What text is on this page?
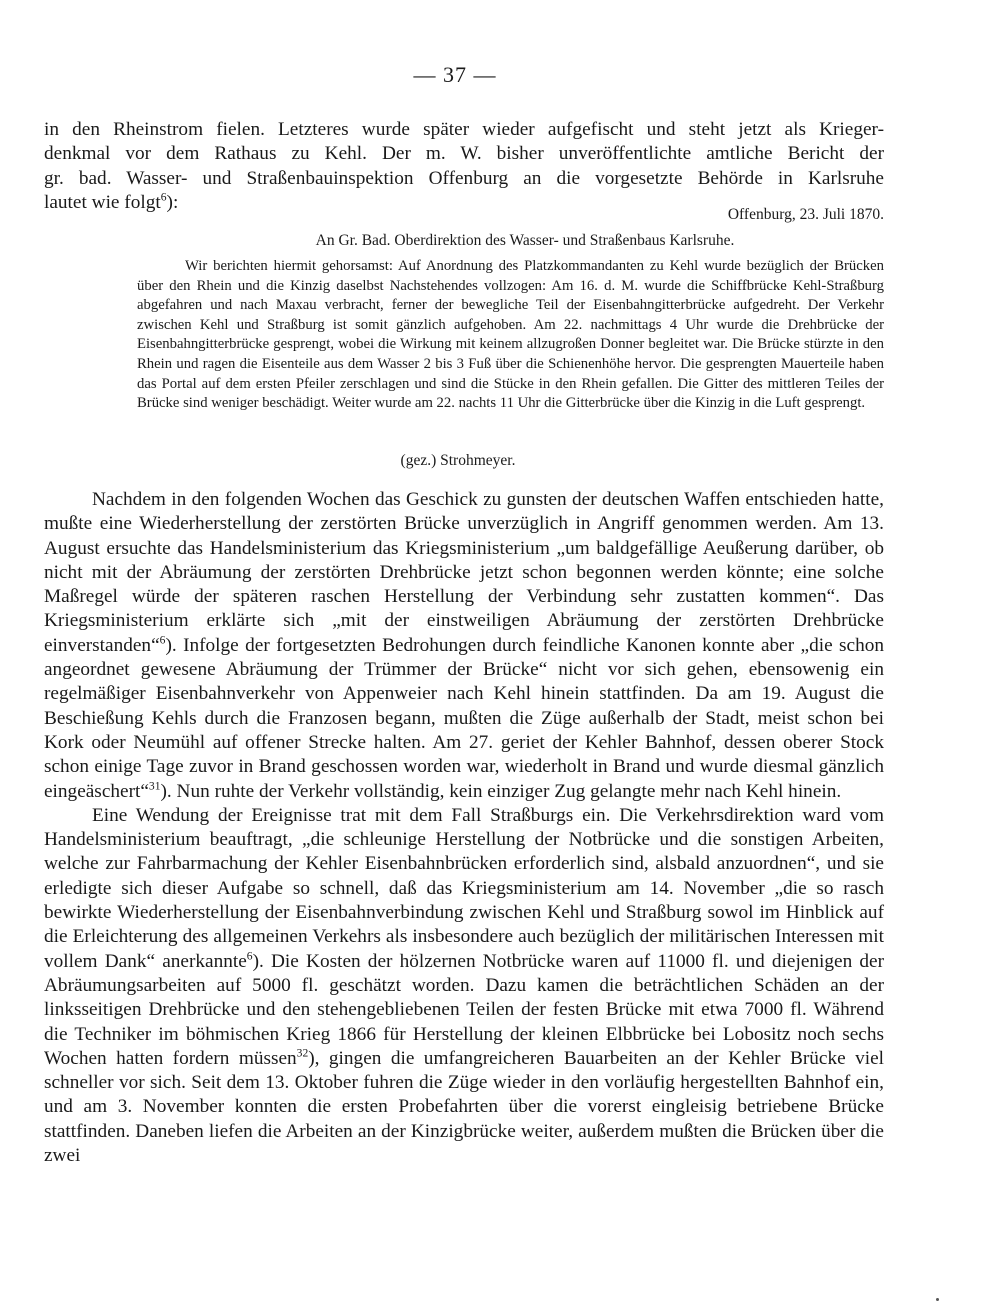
— 37 —
in den Rheinstrom fielen. Letzteres wurde später wieder aufgefischt und steht jetzt als Krieger-
denkmal vor dem Rathaus zu Kehl. Der m. W. bisher unveröffentlichte amtliche Bericht der
gr. bad. Wasser- und Straßenbauinspektion Offenburg an die vorgesetzte Behörde in Karlsruhe
lautet wie folgt$^6$):
Offenburg, 23. Juli 1870.
An Gr. Bad. Oberdirektion des Wasser- und Straßenbaus Karlsruhe.
Wir berichten hiermit gehorsamst: Auf Anordnung des Platzkommandanten zu Kehl wurde bezüglich der Brücken über den Rhein und die Kinzig daselbst Nachstehendes vollzogen: Am 16. d. M. wurde die Schiffbrücke Kehl-Straßburg abgefahren und nach Maxau verbracht, ferner der bewegliche Teil der Eisenbahngitterbrücke aufgedreht. Der Verkehr zwischen Kehl und Straßburg ist somit gänzlich aufgehoben. Am 22. nachmittags 4 Uhr wurde die Drehbrücke der Eisenbahngitterbrücke gesprengt, wobei die Wirkung mit keinem allzugroßen Donner begleitet war. Die Brücke stürzte in den Rhein und ragen die Eisenteile aus dem Wasser 2 bis 3 Fuß über die Schienenhöhe hervor. Die gesprengten Mauerteile haben das Portal auf dem ersten Pfeiler zerschlagen und sind die Stücke in den Rhein gefallen. Die Gitter des mittleren Teiles der Brücke sind weniger beschädigt. Weiter wurde am 22. nachts 11 Uhr die Gitterbrücke über die Kinzig in die Luft gesprengt.
(gez.) Strohmeyer.

Nachdem in den folgenden Wochen das Geschick zu gunsten der deutschen Waffen entschieden hatte, mußte eine Wiederherstellung der zerstörten Brücke unverzüglich in Angriff genommen werden. Am 13. August ersuchte das Handelsministerium das Kriegsministerium „um baldgefällige Aeußerung darüber, ob nicht mit der Abräumung der zerstörten Drehbrücke jetzt schon begonnen werden könnte; eine solche Maßregel würde der späteren raschen Herstellung der Verbindung sehr zustatten kommen“. Das Kriegsministerium erklärte sich „mit der einstweiligen Abräumung der zerstörten Drehbrücke einverstanden“$^6$). Infolge der fortgesetzten Bedrohungen durch feindliche Kanonen konnte aber „die schon angeordnet gewesene Abräumung der Trümmer der Brücke“ nicht vor sich gehen, ebensowenig ein regelmäßiger Eisenbahnverkehr von Appenweier nach Kehl hinein stattfinden. Da am 19. August die Beschießung Kehls durch die Franzosen begann, mußten die Züge außerhalb der Stadt, meist schon bei Kork oder Neumühl auf offener Strecke halten. Am 27. geriet der Kehler Bahnhof, dessen oberer Stock schon einige Tage zuvor in Brand geschossen worden war, wiederholt in Brand und wurde diesmal gänzlich eingeäschert“$^{31}$). Nun ruhte der Verkehr vollständig, kein einziger Zug gelangte mehr nach Kehl hinein.

Eine Wendung der Ereignisse trat mit dem Fall Straßburgs ein. Die Verkehrsdirektion ward vom Handelsministerium beauftragt, „die schleunige Herstellung der Notbrücke und die sonstigen Arbeiten, welche zur Fahrbarmachung der Kehler Eisenbahnbrücken erforderlich sind, alsbald anzuordnen“, und sie erledigte sich dieser Aufgabe so schnell, daß das Kriegsministerium am 14. November „die so rasch bewirkte Wiederherstellung der Eisenbahnverbindung zwischen Kehl und Straßburg sowol im Hinblick auf die Erleichterung des allgemeinen Verkehrs als insbesondere auch bezüglich der militärischen Interessen mit vollem Dank“ anerkannte$^6$). Die Kosten der hölzernen Notbrücke waren auf 11000 fl. und diejenigen der Abräumungsarbeiten auf 5000 fl. geschätzt worden. Dazu kamen die beträchtlichen Schäden an der linksseitigen Drehbrücke und den stehengebliebenen Teilen der festen Brücke mit etwa 7000 fl. Während die Techniker im böhmischen Krieg 1866 für Herstellung der kleinen Elbbrücke bei Lobositz noch sechs Wochen hatten fordern müssen$^{32}$), gingen die umfangreicheren Bauarbeiten an der Kehler Brücke viel schneller vor sich. Seit dem 13. Oktober fuhren die Züge wieder in den vorläufig hergestellten Bahnhof ein, und am 3. November konnten die ersten Probefahrten über die vorerst eingleisig betriebene Brücke stattfinden. Daneben liefen die Arbeiten an der Kinzigbrücke weiter, außerdem mußten die Brücken über die zwei
